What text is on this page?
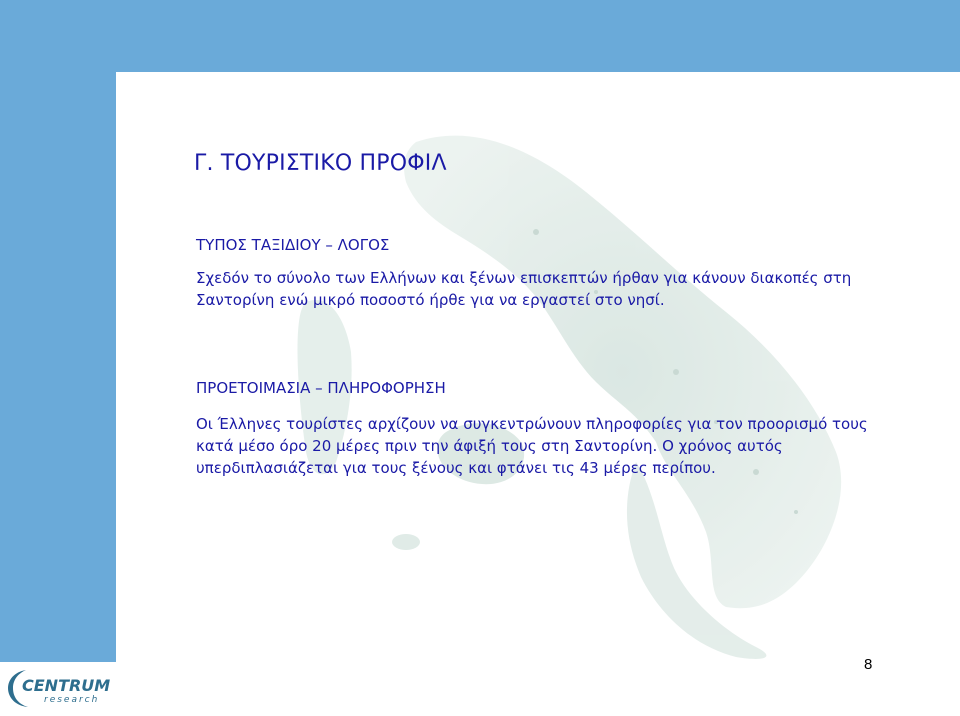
Γ. ΤΟΥΡΙΣΤΙΚΟ ΠΡΟΦΙΛ

ΤΥΠΟΣ ΤΑΞΙΔΙΟΥ – ΛΟΓΟΣ

Σχεδόν το σύνολο των Ελλήνων και ξένων επισκεπτών ήρθαν για κάνουν διακοπές στη Σαντορίνη ενώ μικρό ποσοστό ήρθε για να εργαστεί στο νησί.

ΠΡΟΕΤΟΙΜΑΣΙΑ – ΠΛΗΡΟΦΟΡΗΣΗ

Οι Έλληνες τουρίστες αρχίζουν να συγκεντρώνουν πληροφορίες για τον προορισμό τους κατά μέσο όρο 20 μέρες πριν την άφιξή τους στη Σαντορίνη. Ο χρόνος αυτός υπερδιπλασιάζεται για τους ξένους και φτάνει τις 43 μέρες περίπου.

8
CENTRUM
research
